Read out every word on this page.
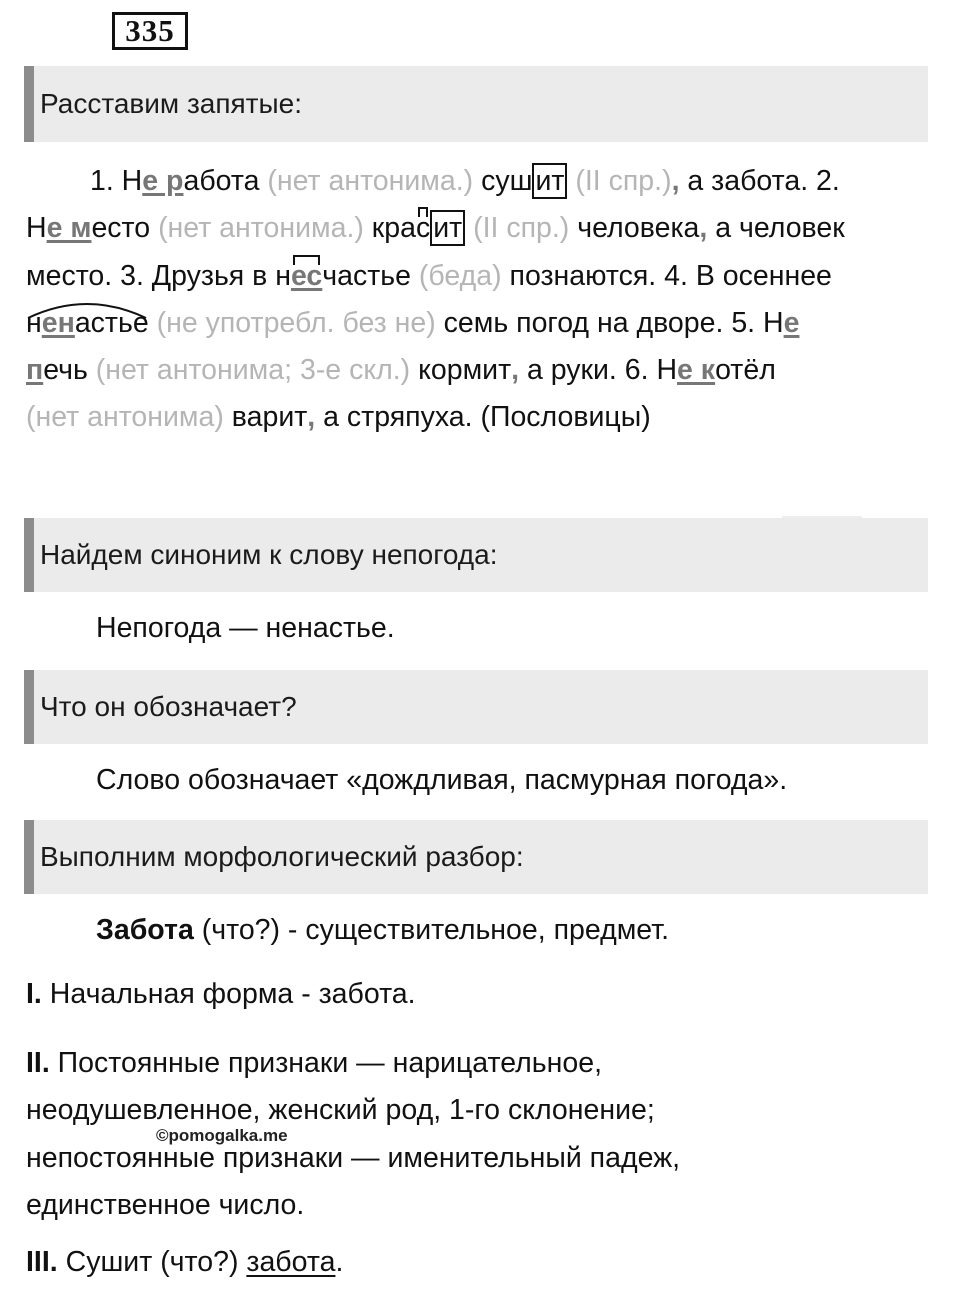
335
Расставим запятые:
1. Не работа (нет антонима.) суш ит (II спр.), а забота. 2.
Не место (нет антонима.) крас ит (II спр.) человека, а человек
место. 3. Друзья в несчастье (беда) познаются. 4. В осеннее
ненастье (не употребл. без не) семь погод на дворе. 5. Не
печь (нет антонима; 3-е скл.) кормит, а руки. 6. Не котёл
(нет антонима) варит, а стряпуха. (Пословицы)
Найдем синоним к слову непогода:
Непогода — ненастье.
Что он обозначает?
Слово обозначает «дождливая, пасмурная погода».
Выполним морфологический разбор:
Забота (что?) - существительное, предмет.
I. Начальная форма - забота.
II. Постоянные признаки — нарицательное,
неодушевленное, женский род, 1-го склонение;
непостоянные признаки — именительный падеж,
единственное число.
©pomogalka.me
III. Сушит (что?) забота.
